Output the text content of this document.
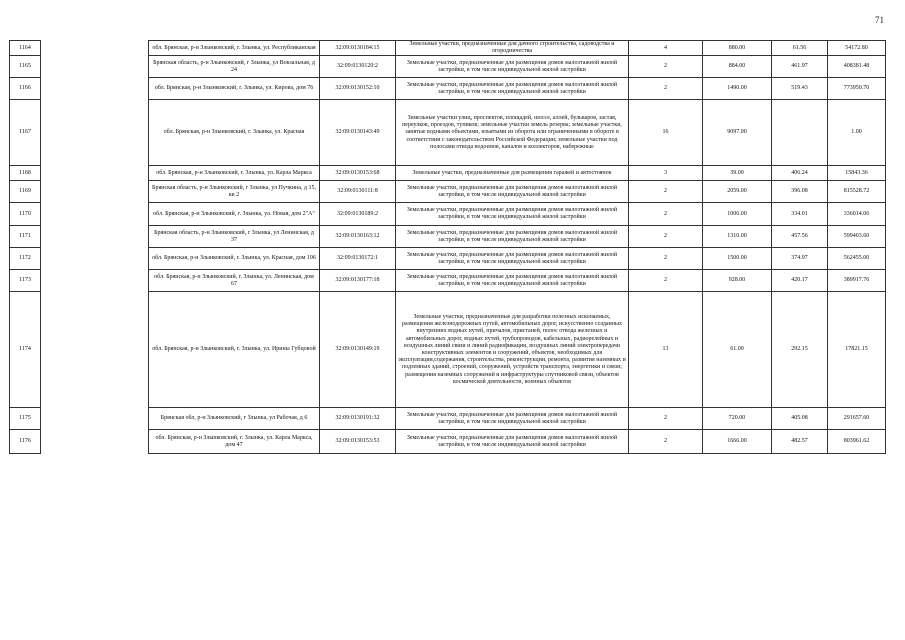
71
1164		обл. Брянская, р-н Злынковский, г. Злынка, ул. Республиканская	32:09:0130184:15	Земельные участки, предназначенные для дачного строительства, садоводства и огородничества	4	880.00	61.56	54172.80
1165		Брянская область, р-н Злынковский, г Злынка, ул Вокзальная, д 24	32:09:0130120:2	Земельные участки, предназначенные для размещения домов малоэтажной жилой застройки, в том числе индивидуальной жилой застройки	2	884.00	461.97	408381.48
1166		обл. Брянская, р-н Злынковский, г. Злынка, ул. Кирова, дом 76	32:09:0130152:10	Земельные участки, предназначенные для размещения домов малоэтажной жилой застройки, в том числе индивидуальной жилой застройки	2	1490.00	519.43	773950.70
1167		обл. Брянская, р-н Злынковский, г. Злынка, ул. Красная	32:09:0130143:49	Земельные участки улиц, проспектов, площадей, шоссе, аллей, бульваров, застав, переулков, проездов, тупиков; земельные участки земель резерва; земельные участки, занятые водными объектами, изъятыми из оборота или ограниченными в обороте в соответствии с законодательством Российской Федерации; земельные участки под полосами отвода водоемов, каналов и коллекторов, набережные	16	9097.00		1.00
1168		обл. Брянская, р-н Злынковский, г. Злынка, ул. Карла Маркса	32:09:0130153:68	Земельные участки, предназначенные для размещения гаражей и автостоянок	3	39.00	406.24	15843.36
1169		Брянская область, р-н Злынковский, г Злынка, ул Пучкина, д 15, кв 2	32:09:0130111:8	Земельные участки, предназначенные для размещения домов малоэтажной жилой застройки, в том числе индивидуальной жилой застройки	2	2059.00	396.08	815528.72
1170		обл. Брянская, р-н Злынковский, г. Злынка, ул. Новая, дом 2"А"	32:09:0130189:2	Земельные участки, предназначенные для размещения домов малоэтажной жилой застройки, в том числе индивидуальной жилой застройки	2	1006.00	334.01	336014.06
1171		Брянская область, р-н Злынковский, г Злынка, ул Ленинская, д 37	32:09:0130163:12	Земельные участки, предназначенные для размещения домов малоэтажной жилой застройки, в том числе индивидуальной жилой застройки	2	1310.00	457.56	599403.60
1172		обл. Брянская, р-н Злынковский, г. Злынка, ул. Красная, дом 106	32:09:0130172:1	Земельные участки, предназначенные для размещения домов малоэтажной жилой застройки, в том числе индивидуальной жилой застройки	2	1500.00	374.97	562455.00
1173		обл. Брянская, р-н Злынковский, г. Злынка, ул. Ленинская, дом 67	32:09:0130177:18	Земельные участки, предназначенные для размещения домов малоэтажной жилой застройки, в том числе индивидуальной жилой застройки	2	928.00	420.17	389917.76
1174		обл. Брянская, р-н Злынковский, г. Злынка, ул. Ирины Губцовой	32:09:0130149:19	Земельные участки, предназначенные для разработки полезных ископаемых, размещения железнодорожных путей, автомобильных дорог, искусственно созданных внутренних водных путей, причалов, пристаней, полос отвода железных и автомобильных дорог, водных путей, трубопроводов, кабельных, радиорелейных и воздушных линий связи и линий радиофикации, воздушных линий электропередачи конструктивных элементов и сооружений, объектов, необходимых для эксплуатации,содержания, строительства, реконструкции, ремонта, развития наземных и подземных зданий, строений, сооружений, устройств транспорта, энергетики и связи; размещения наземных сооружений и инфраструктуры спутниковой связи, объектов космической деятельности, военных объектов	13	61.00	292.15	17821.15
1175		Брянская обл, р-н Злынковский, г Злынка, ул Рабочая, д 6	32:09:0130191:32	Земельные участки, предназначенные для размещения домов малоэтажной жилой застройки, в том числе индивидуальной жилой застройки	2	720.00	405.08	291657.60
1176		обл. Брянская, р-н Злынковский, г. Злынка, ул. Карла Маркса, дом 47	32:09:0130153:53	Земельные участки, предназначенные для размещения домов малоэтажной жилой застройки, в том числе индивидуальной жилой застройки	2	1666.00	482.57	803961.62
